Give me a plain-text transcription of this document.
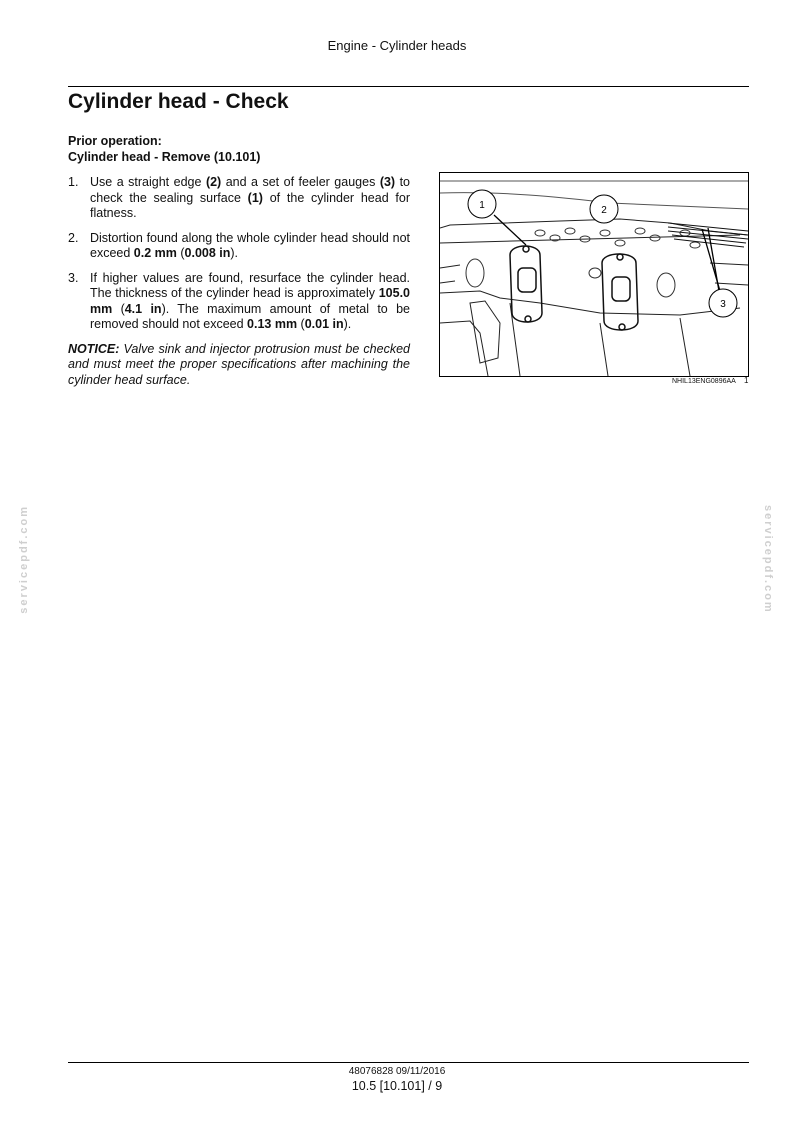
Engine - Cylinder heads
Cylinder head - Check
Prior operation:
Cylinder head - Remove (10.101)
1. Use a straight edge (2) and a set of feeler gauges (3) to check the sealing surface (1) of the cylinder head for flatness.
2. Distortion found along the whole cylinder head should not exceed 0.2 mm (0.008 in).
3. If higher values are found, resurface the cylinder head. The thickness of the cylinder head is approximately 105.0 mm (4.1 in). The maximum amount of metal to be removed should not exceed 0.13 mm (0.01 in).
NOTICE: Valve sink and injector protrusion must be checked and must meet the proper specifications after machining the cylinder head surface.
1	2
3
NHIL13ENG0896AA 1
servicepdf.com	servicepdf.com
48076828 09/11/2016
10.5 [10.101] / 9
